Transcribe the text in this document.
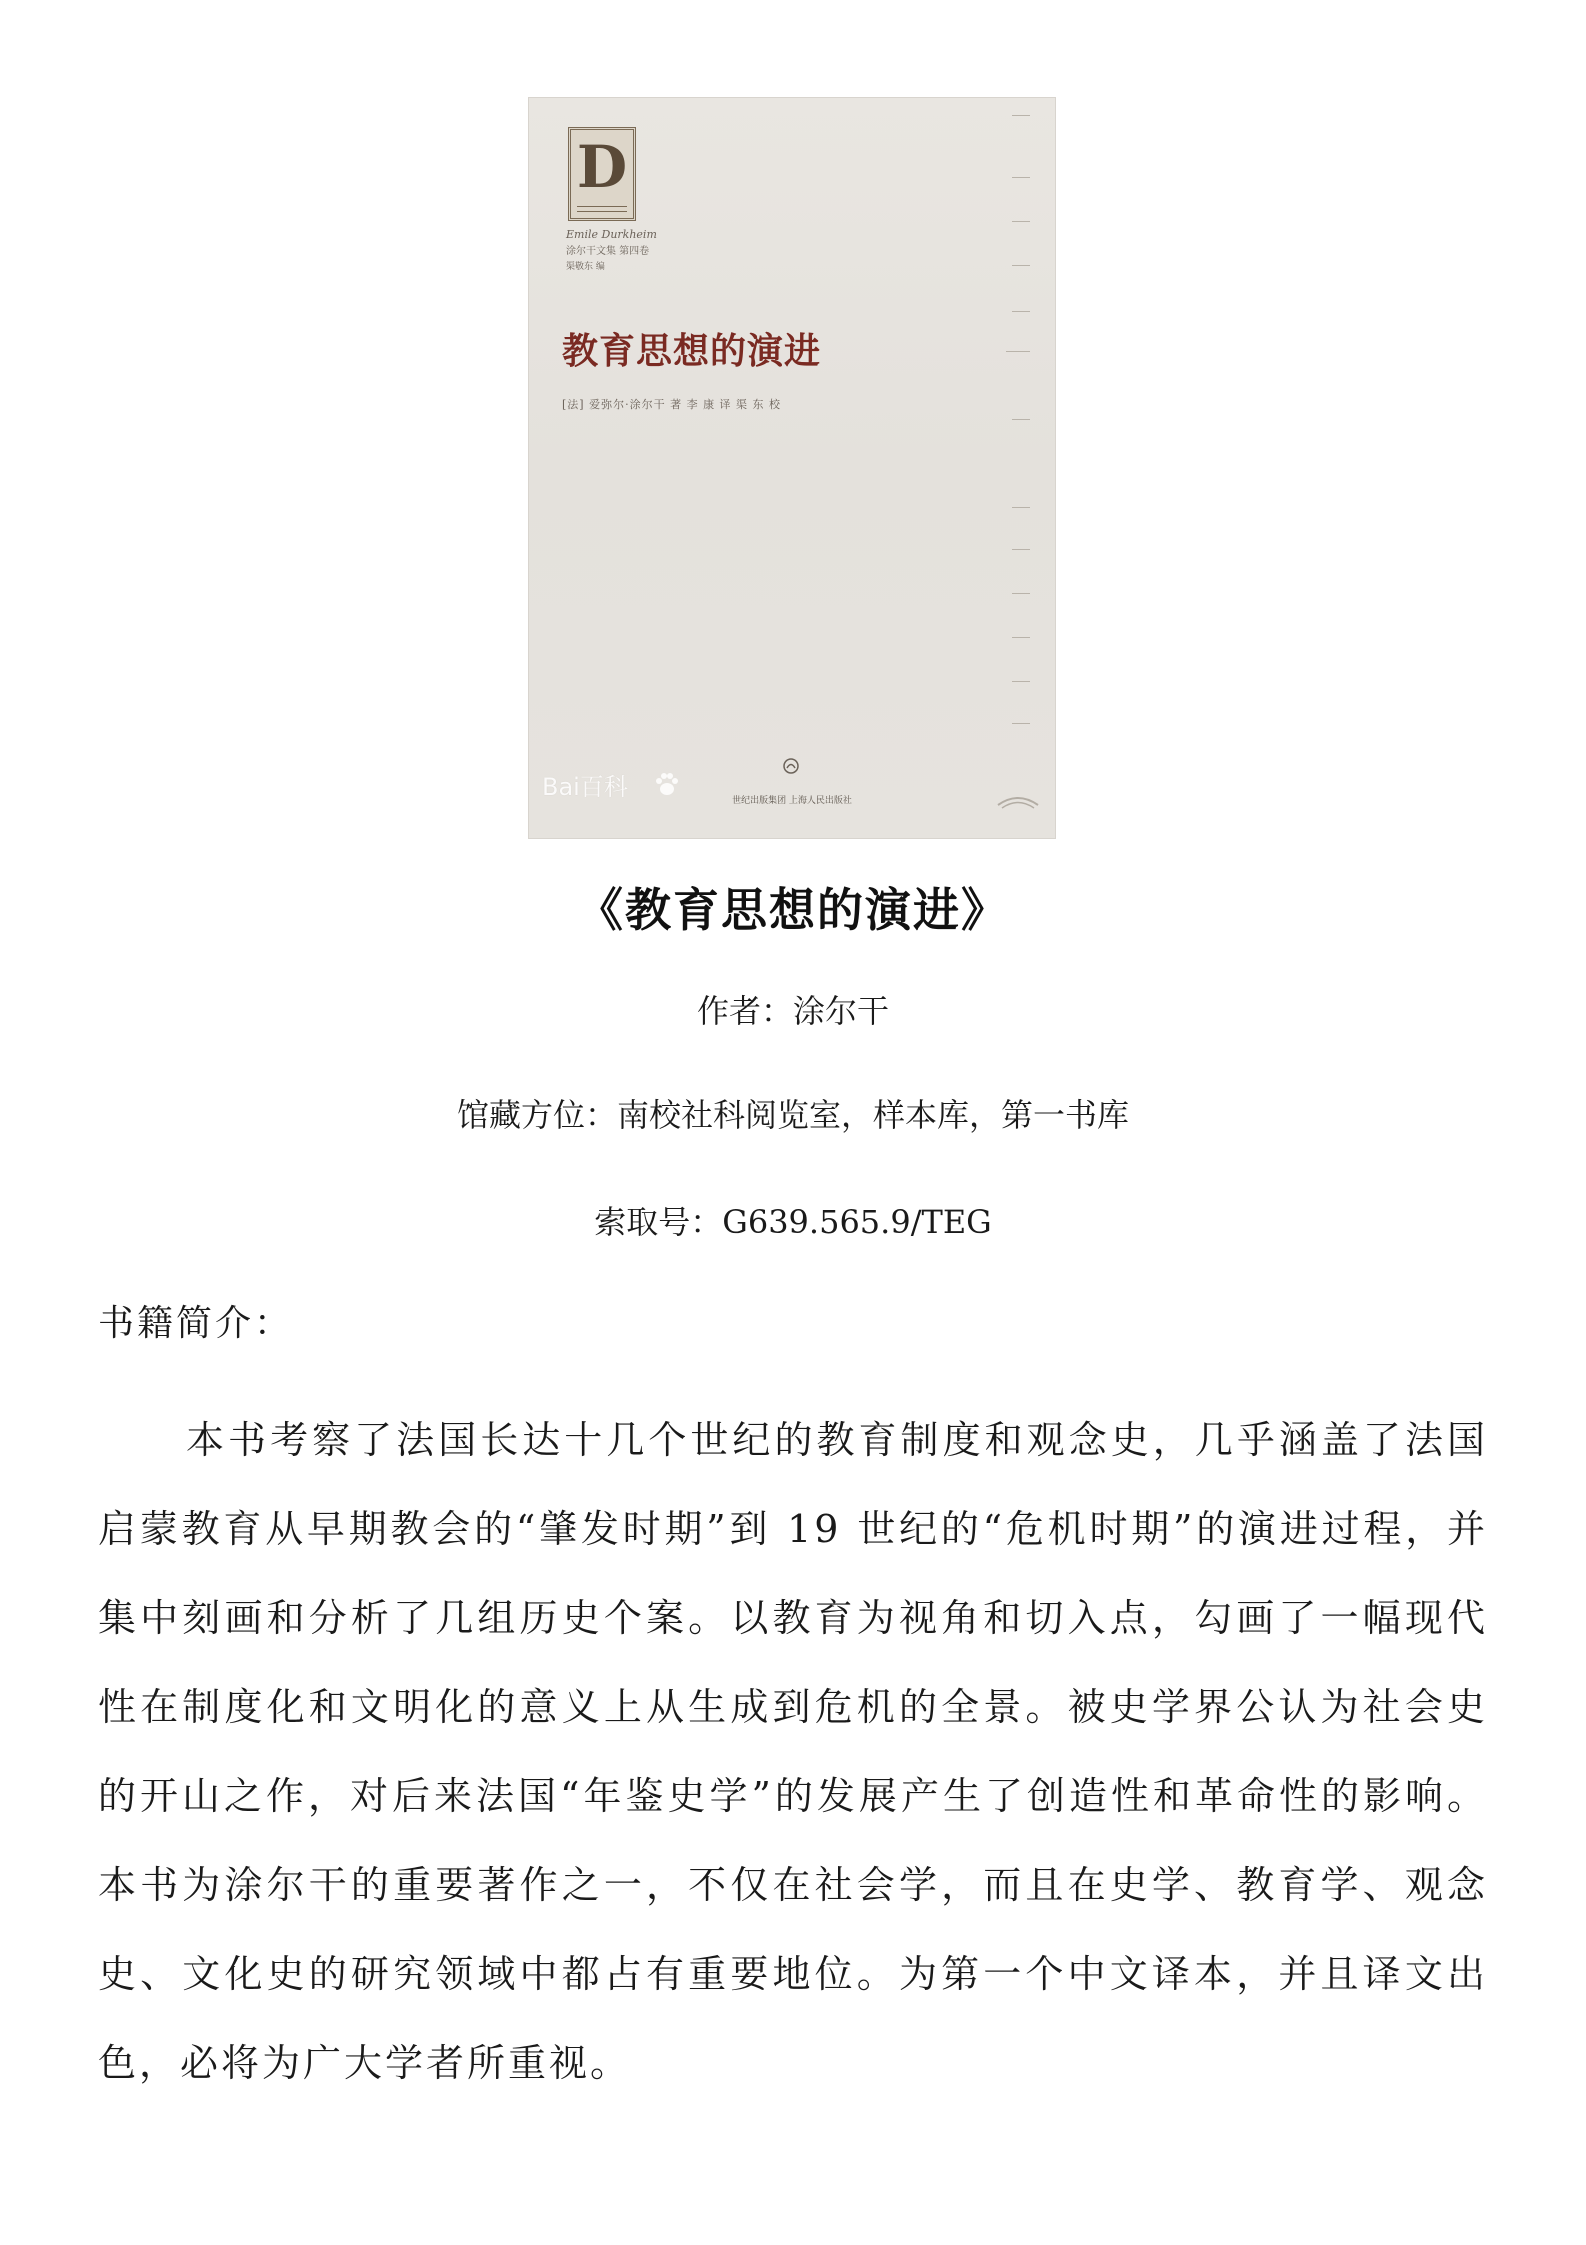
D
Emile Durkheim
涂尔干文集 第四卷
渠敬东 编
教育思想的演进
[法] 爱弥尔·涂尔干 著 李 康 译 渠 东 校
Bai百科	世纪出版集团 上海人民出版社
《教育思想的演进》
作者：涂尔干
馆藏方位：南校社科阅览室，样本库，第一书库
索取号：G639.565.9/TEG
书籍简介：

本书考察了法国长达十几个世纪的教育制度和观念史，几乎涵盖了法国启蒙教育从早期教会的“肇发时期”到 19 世纪的“危机时期”的演进过程，并集中刻画和分析了几组历史个案。以教育为视角和切入点，勾画了一幅现代性在制度化和文明化的意义上从生成到危机的全景。被史学界公认为社会史的开山之作，对后来法国“年鉴史学”的发展产生了创造性和革命性的影响。本书为涂尔干的重要著作之一，不仅在社会学，而且在史学、教育学、观念史、文化史的研究领域中都占有重要地位。为第一个中文译本，并且译文出色，必将为广大学者所重视。
